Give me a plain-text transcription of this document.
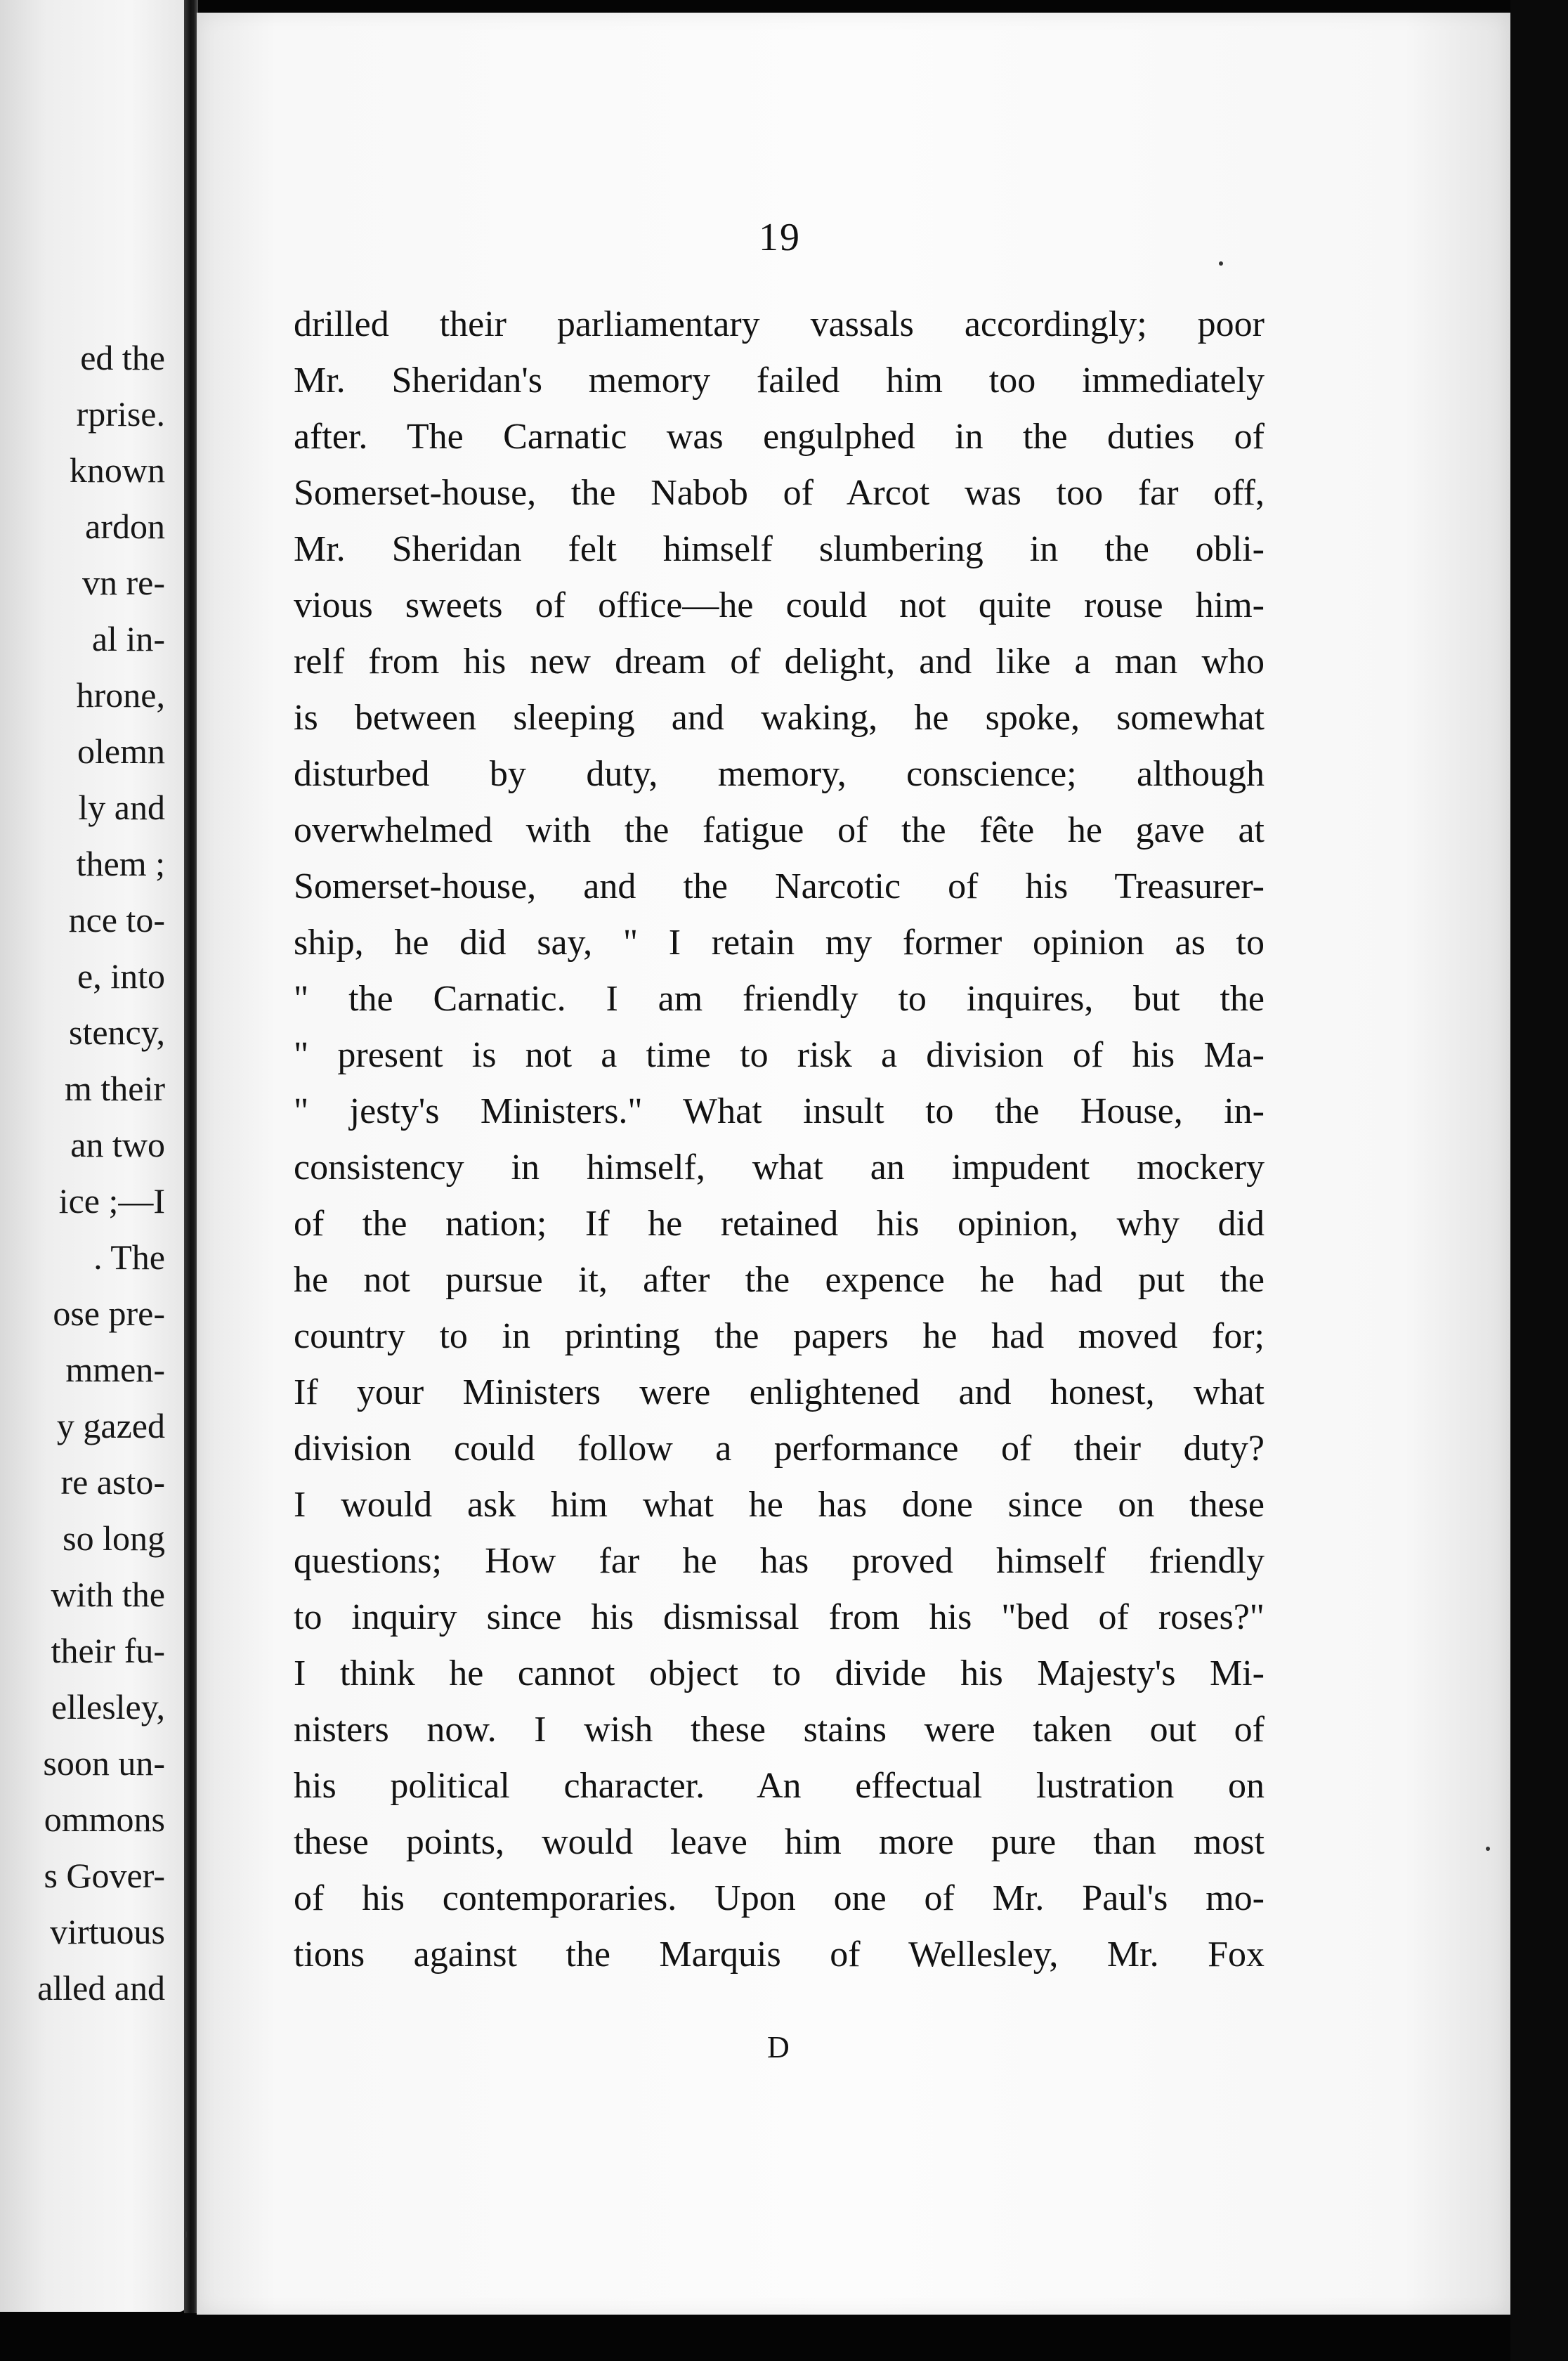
ed the
rprise.
known
ardon
vn re-
al in-
hrone,
olemn
ly and
them ;
nce to-
e, into
stency,
m their
an two
ice ;—I
. The
ose pre-
mmen-
y gazed
re asto-
so long
with the
their fu-
ellesley,
soon un-
ommons
s Gover-
virtuous
alled and
19
drilled their parliamentary vassals accordingly; poor
Mr. Sheridan's memory failed him too immediately
after. The Carnatic was engulphed in the duties of
Somerset-house, the Nabob of Arcot was too far off,
Mr. Sheridan felt himself slumbering in the obli-
vious sweets of office—he could not quite rouse him-
relf from his new dream of delight, and like a man who
is between sleeping and waking, he spoke, somewhat
disturbed by duty, memory, conscience; although
overwhelmed with the fatigue of the fête he gave at
Somerset-house, and the Narcotic of his Treasurer-
ship, he did say, " I retain my former opinion as to
" the Carnatic. I am friendly to inquires, but the
" present is not a time to risk a division of his Ma-
" jesty's Ministers." What insult to the House, in-
consistency in himself, what an impudent mockery
of the nation; If he retained his opinion, why did
he not pursue it, after the expence he had put the
country to in printing the papers he had moved for;
If your Ministers were enlightened and honest, what
division could follow a performance of their duty?
I would ask him what he has done since on these
questions; How far he has proved himself friendly
to inquiry since his dismissal from his "bed of roses?"
I think he cannot object to divide his Majesty's Mi-
nisters now. I wish these stains were taken out of
his political character. An effectual lustration on
these points, would leave him more pure than most
of his contemporaries. Upon one of Mr. Paul's mo-
tions against the Marquis of Wellesley, Mr. Fox
D
